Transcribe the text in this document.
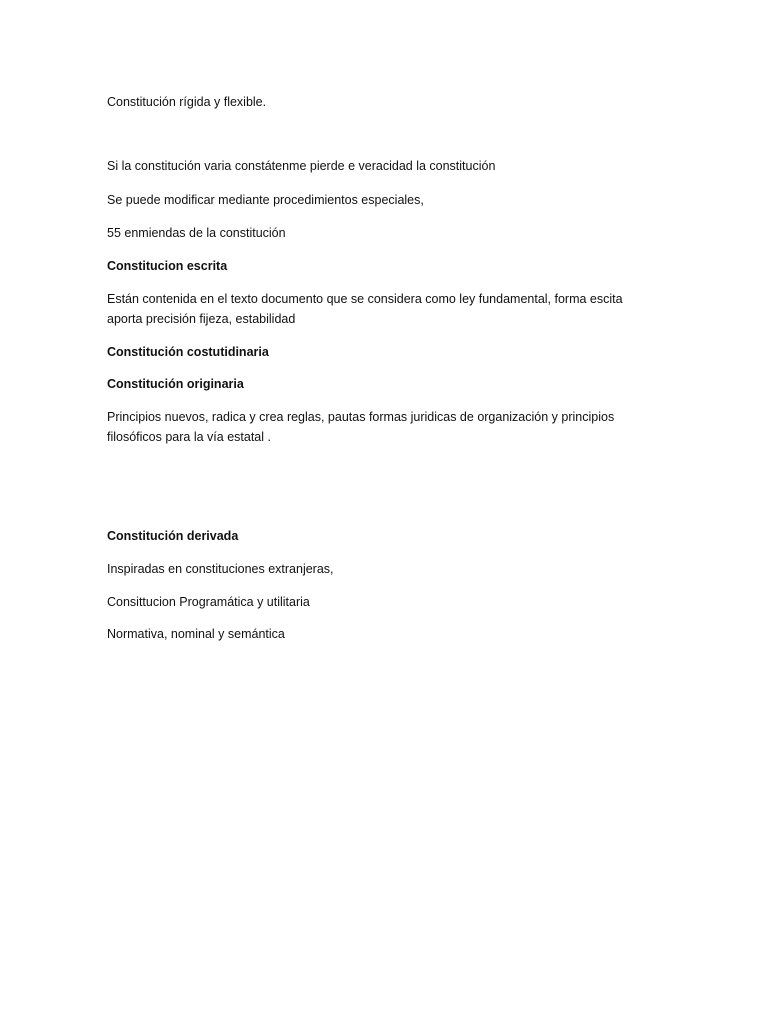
Constitución rígida y flexible.

Si la constitución varia constátenme pierde e veracidad la constitución

Se puede modificar mediante procedimientos especiales,

55 enmiendas de la constitución

Constitucion escrita

Están contenida en el texto documento que se considera como ley fundamental, forma escita
aporta precisión fijeza, estabilidad

Constitución costutidinaria

Constitución originaria

Principios nuevos, radica y crea reglas, pautas formas juridicas de organización y principios
filosóficos para la vía estatal .

Constitución derivada

Inspiradas en constituciones extranjeras,

Consittucion Programática y utilitaria

Normativa, nominal y semántica
